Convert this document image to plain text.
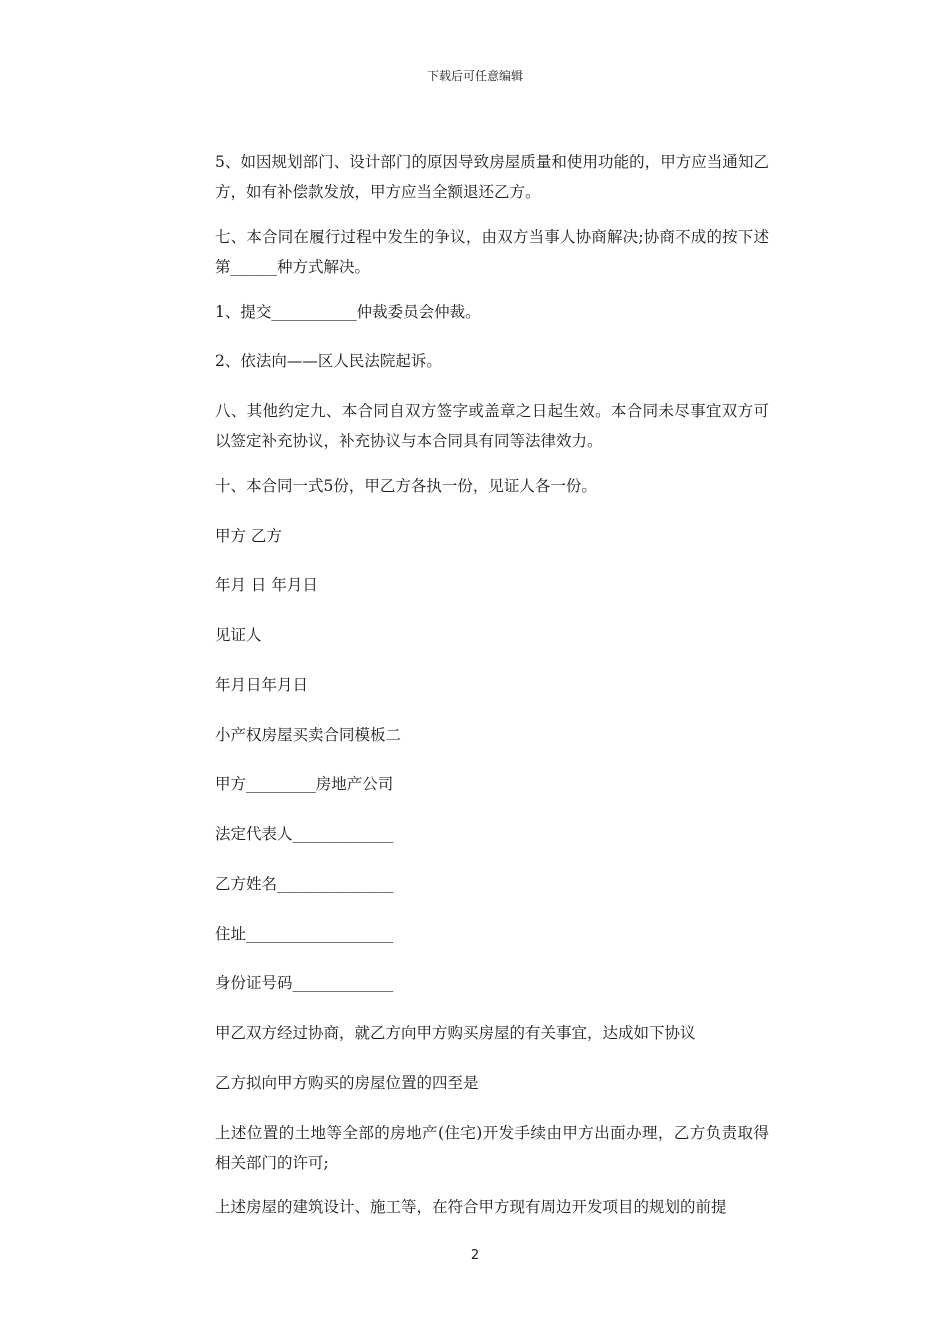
下载后可任意编辑
5、如因规划部门、设计部门的原因导致房屋质量和使用功能的，甲方应当通知乙方，如有补偿款发放，甲方应当全额退还乙方。
七、本合同在履行过程中发生的争议，由双方当事人协商解决;协商不成的按下述第______种方式解决。
1、提交___________仲裁委员会仲裁。
2、依法向——区人民法院起诉。
八、其他约定九、本合同自双方签字或盖章之日起生效。本合同未尽事宜双方可以签定补充协议，补充协议与本合同具有同等法律效力。
十、本合同一式5份，甲乙方各执一份，见证人各一份。
甲方 乙方
年月 日 年月日
见证人
年月日年月日
小产权房屋买卖合同模板二
甲方_________房地产公司
法定代表人_____________
乙方姓名_______________
住址___________________
身份证号码_____________
甲乙双方经过协商，就乙方向甲方购买房屋的有关事宜，达成如下协议
乙方拟向甲方购买的房屋位置的四至是
上述位置的土地等全部的房地产(住宅)开发手续由甲方出面办理，乙方负责取得相关部门的许可;
上述房屋的建筑设计、施工等，在符合甲方现有周边开发项目的规划的前提
2
